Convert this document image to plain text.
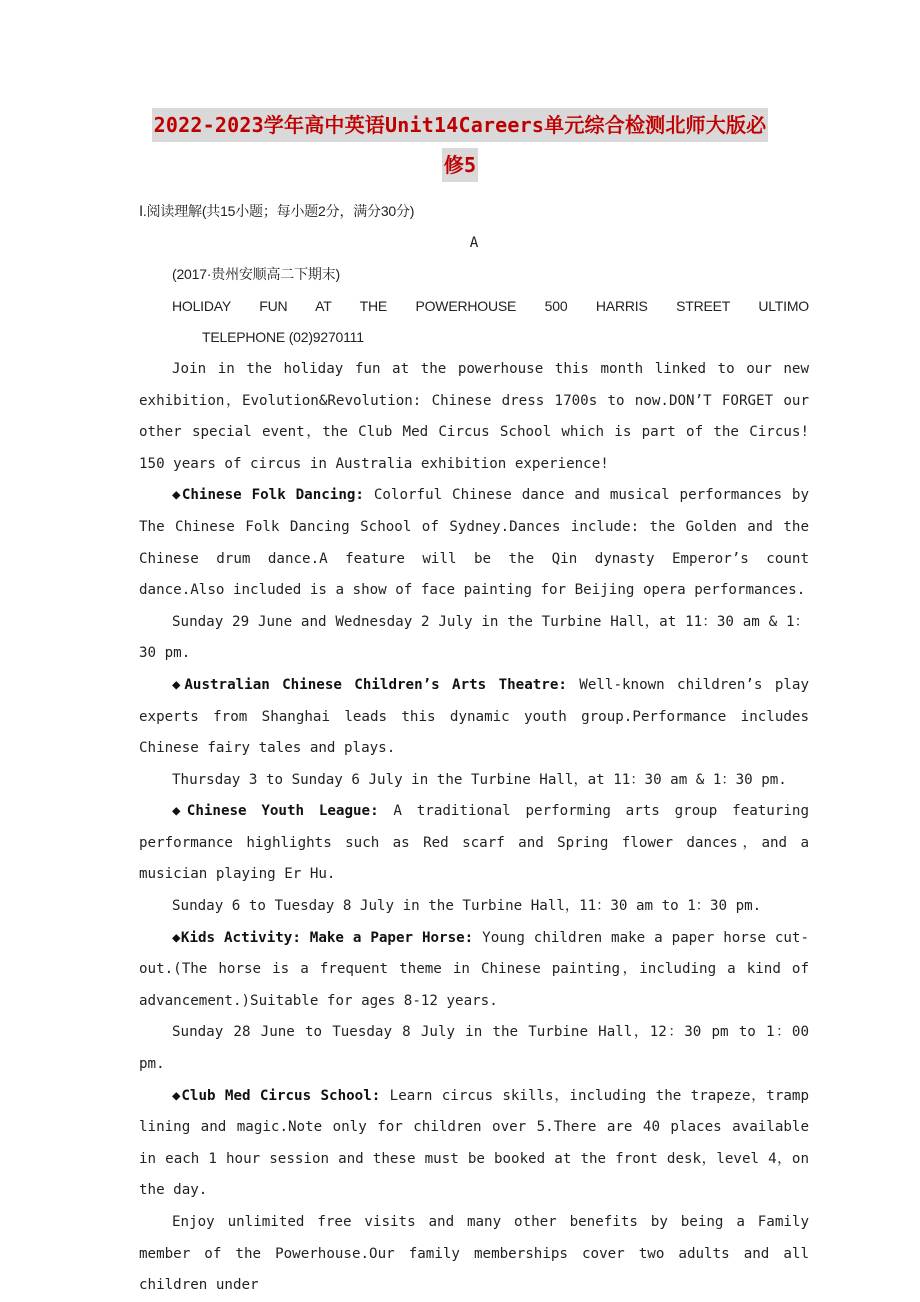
2022-2023学年高中英语Unit14Careers单元综合检测北师大版必
修5

Ⅰ.阅读理解(共15小题；每小题2分，满分30分)

A

(2017·贵州安顺高二下期末)

HOLIDAY FUN AT THE POWERHOUSE 500 HARRIS STREET ULTIMOTELEPHONE (02)9270111

Join in the holiday fun at the powerhouse this month linked to our new exhibition，Evolution&Revolution: Chinese dress 1700s to now.DON’T FORGET our other special event，the Club Med Circus School which is part of the Circus! 150 years of circus in Australia exhibition experience!

◆Chinese Folk Dancing: Colorful Chinese dance and musical performances by The Chinese Folk Dancing School of Sydney.Dances include: the Golden and the Chinese drum dance.A feature will be the Qin dynasty Emperor’s count dance.Also included is a show of face painting for Beijing opera performances.

Sunday 29 June and Wednesday 2 July in the Turbine Hall，at 11：30 am & 1：30 pm.

◆Australian Chinese Children’s Arts Theatre: Well-known children’s play experts from Shanghai leads this dynamic youth group.Performance includes Chinese fairy tales and plays.

Thursday 3 to Sunday 6 July in the Turbine Hall，at 11：30 am & 1：30 pm.

◆Chinese Youth League: A traditional performing arts group featuring performance highlights such as Red scarf and Spring flower dances，and a musician playing Er Hu.

Sunday 6 to Tuesday 8 July in the Turbine Hall，11：30 am to 1：30 pm.

◆Kids Activity: Make a Paper Horse: Young children make a paper horse cut-out.(The horse is a frequent theme in Chinese painting，including a kind of advancement.)Suitable for ages 8-12 years.

Sunday 28 June to Tuesday 8 July in the Turbine Hall，12：30 pm to 1：00 pm.

◆Club Med Circus School: Learn circus skills，including the trapeze，tramp lining and magic.Note only for children over 5.There are 40 places available in each 1 hour session and these must be booked at the front desk，level 4，on the day.

Enjoy unlimited free visits and many other benefits by being a Family member of the Powerhouse.Our family memberships cover two adults and all children under
